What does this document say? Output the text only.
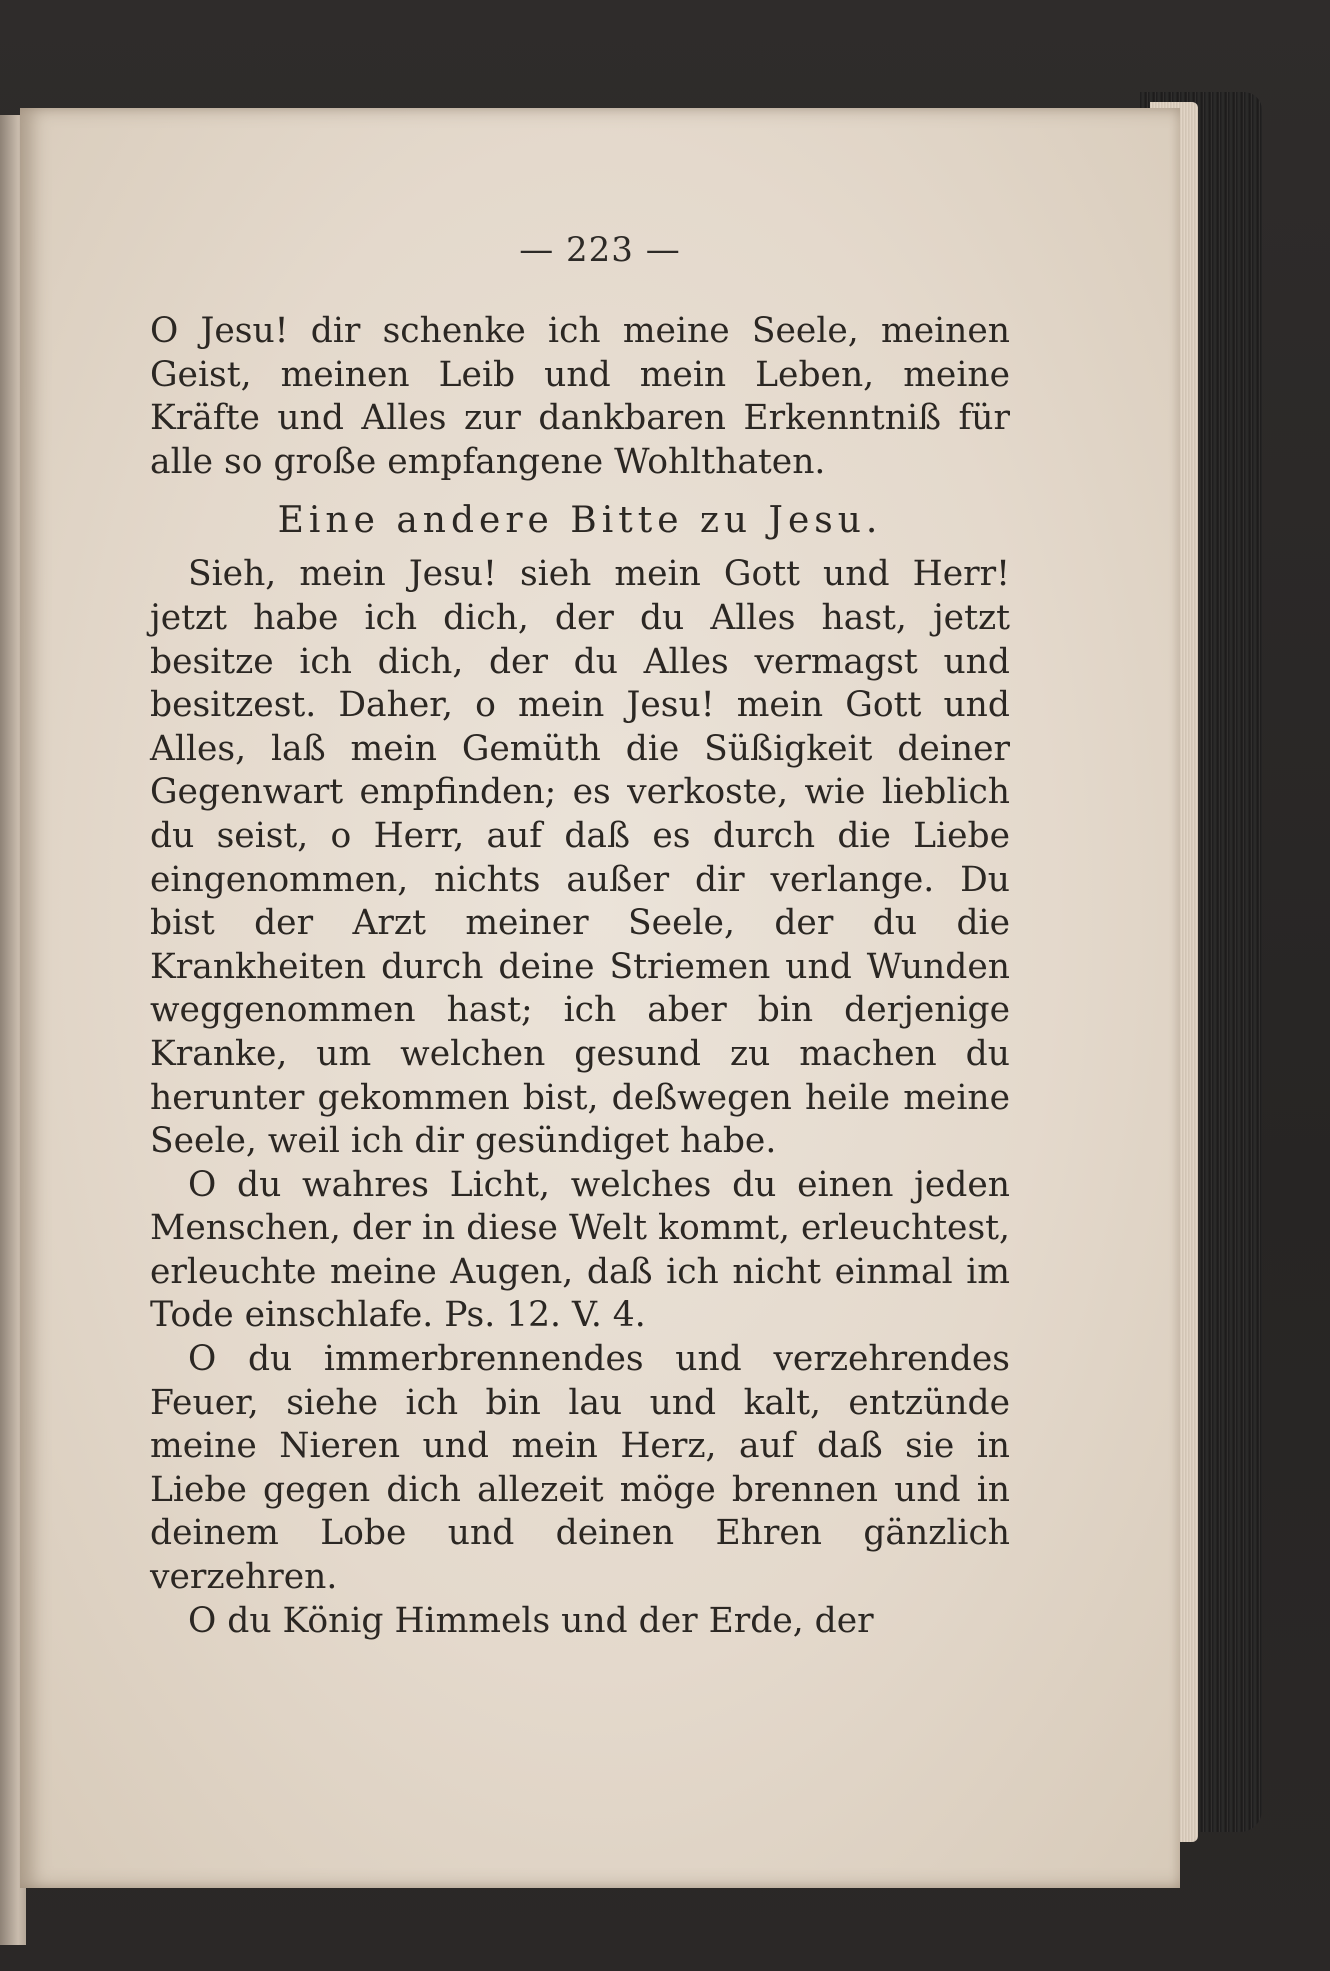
— 223 —

O Jesu! dir schenke ich meine Seele, meinen Geist, meinen Leib und mein Leben, meine Kräfte und Alles zur dankbaren Erkenntniß für alle so große empfangene Wohlthaten.

Eine andere Bitte zu Jesu.

Sieh, mein Jesu! sieh mein Gott und Herr! jetzt habe ich dich, der du Alles hast, jetzt besitze ich dich, der du Alles vermagst und besitzest. Daher, o mein Jesu! mein Gott und Alles, laß mein Gemüth die Süßigkeit deiner Gegenwart empfinden; es verkoste, wie lieblich du seist, o Herr, auf daß es durch die Liebe eingenommen, nichts außer dir verlange. Du bist der Arzt meiner Seele, der du die Krankheiten durch deine Striemen und Wunden weggenommen hast; ich aber bin derjenige Kranke, um welchen gesund zu machen du herunter gekommen bist, deßwegen heile meine Seele, weil ich dir gesündiget habe.

O du wahres Licht, welches du einen jeden Menschen, der in diese Welt kommt, erleuchtest, erleuchte meine Augen, daß ich nicht einmal im Tode einschlafe. Ps. 12. V. 4.

O du immerbrennendes und verzehrendes Feuer, siehe ich bin lau und kalt, entzünde meine Nieren und mein Herz, auf daß sie in Liebe gegen dich allezeit möge brennen und in deinem Lobe und deinen Ehren gänzlich verzehren.

O du König Himmels und der Erde, der
